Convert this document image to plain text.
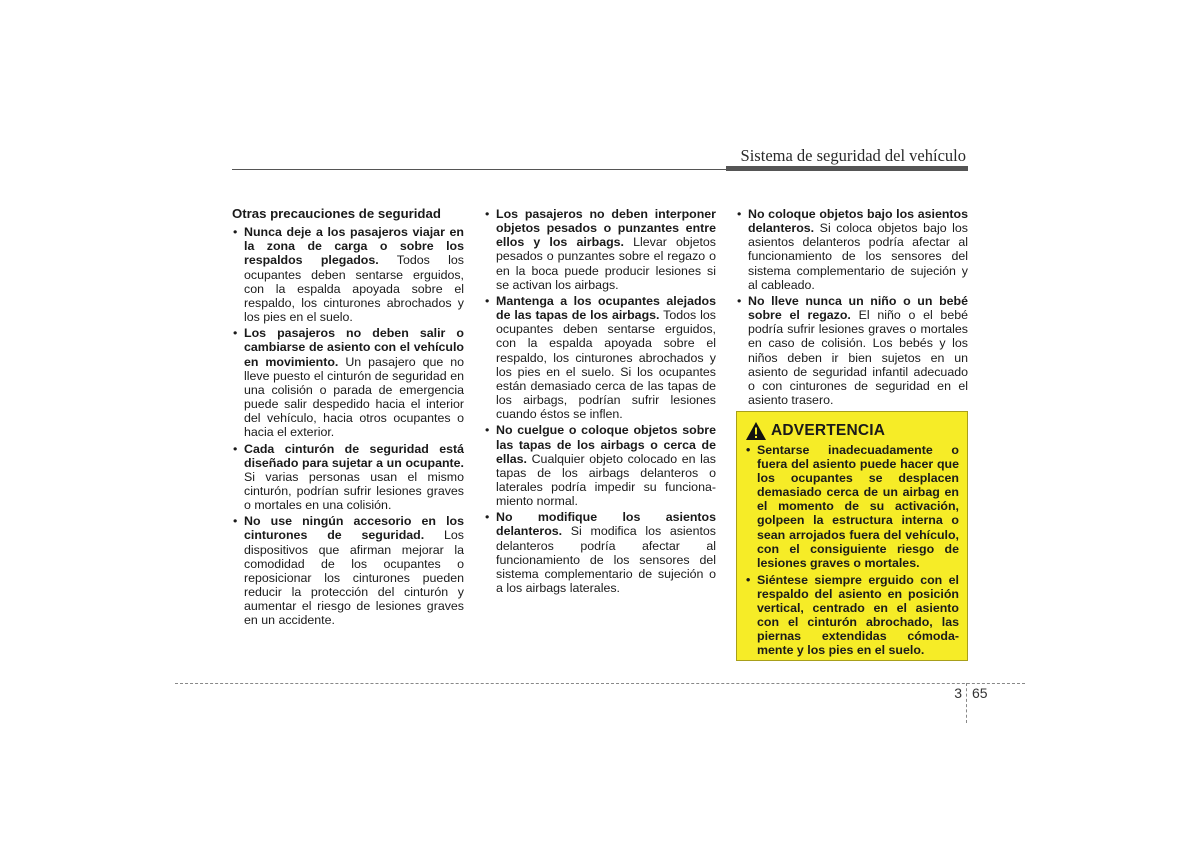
Sistema de seguridad del vehículo
Otras precauciones de seguridad
• Nunca deje a los pasajeros viajar en la zona de carga o sobre los respaldos plegados. Todos los ocupantes deben sentarse erguidos, con la espalda apoyada sobre el respaldo, los cinturones abrochados y los pies en el suelo.
• Los pasajeros no deben salir o cambiarse de asiento con el vehículo en movimiento. Un pasajero que no lleve puesto el cinturón de seguridad en una colisión o parada de emergencia puede salir despedido hacia el interior del vehículo, hacia otros ocupantes o hacia el exterior.
• Cada cinturón de seguridad está diseñado para sujetar a un ocupante. Si varias personas usan el mismo cinturón, podrían sufrir lesiones graves o mortales en una colisión.
• No use ningún accesorio en los cinturones de seguridad. Los dispositivos que afirman mejorar la comodidad de los ocupantes o reposicionar los cinturones pueden reducir la protección del cinturón y aumentar el riesgo de lesiones graves en un accidente.
• Los pasajeros no deben interponer objetos pesados o punzantes entre ellos y los airbags. Llevar objetos pesados o punzantes sobre el regazo o en la boca puede producir lesiones si se activan los airbags.
• Mantenga a los ocupantes alejados de las tapas de los airbags. Todos los ocupantes deben sentarse erguidos, con la espalda apoyada sobre el respaldo, los cinturones abrochados y los pies en el suelo. Si los ocupantes están demasiado cerca de las tapas de los airbags, podrían sufrir lesiones cuando éstos se inflen.
• No cuelgue o coloque objetos sobre las tapas de los airbags o cerca de ellas. Cualquier objeto colocado en las tapas de los airbags delanteros o laterales podría impedir su funciona-miento normal.
• No modifique los asientos delanteros. Si modifica los asientos delanteros podría afectar al funcionamiento de los sensores del sistema complementario de sujeción o a los airbags laterales.
• No coloque objetos bajo los asientos delanteros. Si coloca objetos bajo los asientos delanteros podría afectar al funcionamiento de los sensores del sistema complementario de sujeción y al cableado.
• No lleve nunca un niño o un bebé sobre el regazo. El niño o el bebé podría sufrir lesiones graves o mortales en caso de colisión. Los bebés y los niños deben ir bien sujetos en un asiento de seguridad infantil adecuado o con cinturones de seguridad en el asiento trasero.
ADVERTENCIA
• Sentarse inadecuadamente o fuera del asiento puede hacer que los ocupantes se desplacen demasiado cerca de un airbag en el momento de su activación, golpeen la estructura interna o sean arrojados fuera del vehículo, con el consiguiente riesgo de lesiones graves o mortales.
• Siéntese siempre erguido con el respaldo del asiento en posición vertical, centrado en el asiento con el cinturón abrochado, las piernas extendidas cómoda-mente y los pies en el suelo.
3 65
